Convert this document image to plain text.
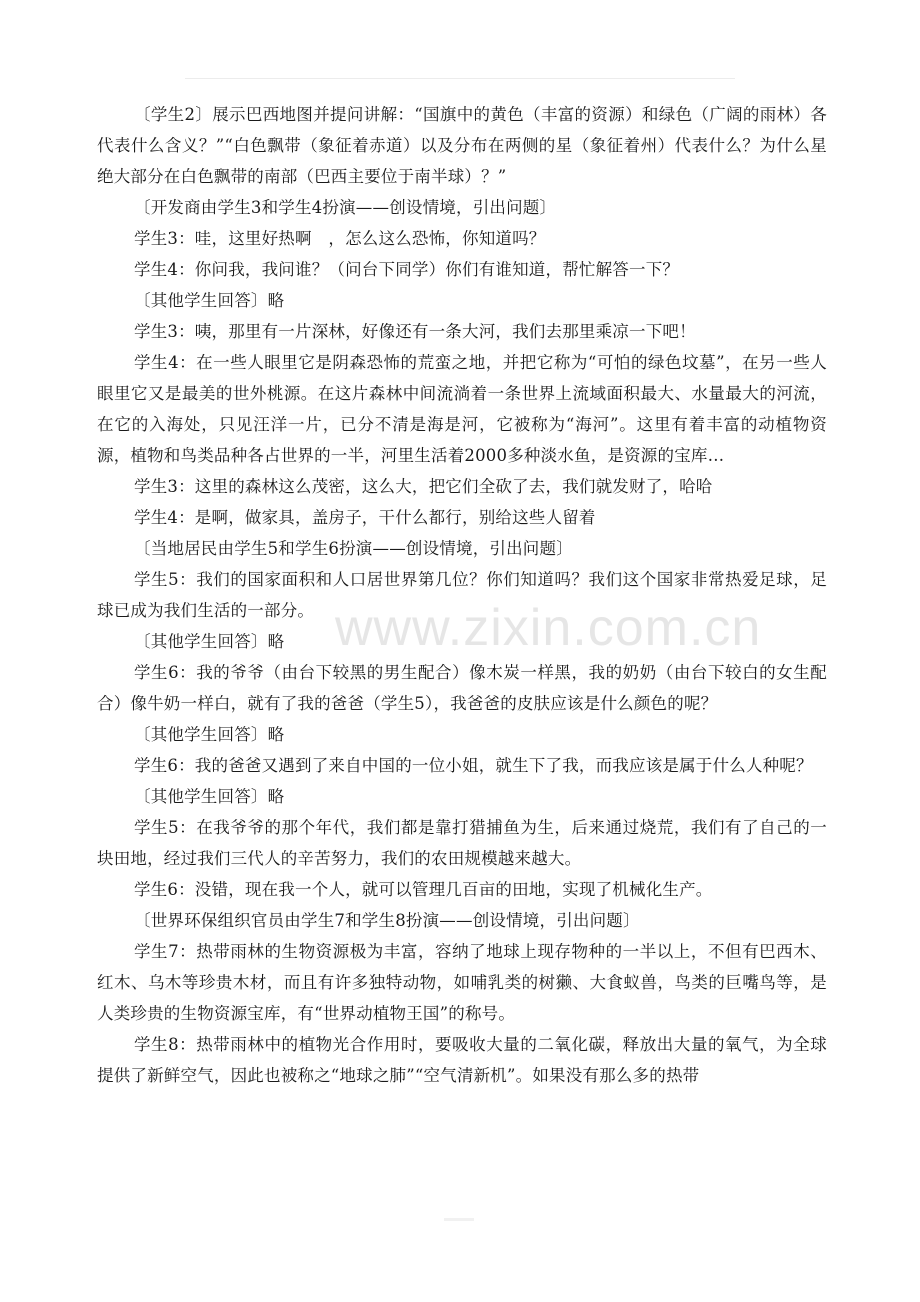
〔学生2〕展示巴西地图并提问讲解：“国旗中的黄色（丰富的资源）和绿色（广阔的雨林）各代表什么含义？”“白色飘带（象征着赤道）以及分布在两侧的星（象征着州）代表什么？为什么星绝大部分在白色飘带的南部（巴西主要位于南半球）？”

〔开发商由学生3和学生4扮演——创设情境，引出问题〕

学生3：哇，这里好热啊　，怎么这么恐怖，你知道吗？

学生4：你问我，我问谁？（问台下同学）你们有谁知道，帮忙解答一下？

〔其他学生回答〕略

学生3：咦，那里有一片深林，好像还有一条大河，我们去那里乘凉一下吧！

学生4：在一些人眼里它是阴森恐怖的荒蛮之地，并把它称为“可怕的绿色坟墓”，在另一些人眼里它又是最美的世外桃源。在这片森林中间流淌着一条世界上流域面积最大、水量最大的河流，在它的入海处，只见汪洋一片，已分不清是海是河，它被称为“海河”。这里有着丰富的动植物资源，植物和鸟类品种各占世界的一半，河里生活着2000多种淡水鱼，是资源的宝库…

学生3：这里的森林这么茂密，这么大，把它们全砍了去，我们就发财了，哈哈

学生4：是啊，做家具，盖房子，干什么都行，别给这些人留着

〔当地居民由学生5和学生6扮演——创设情境，引出问题〕

学生5：我们的国家面积和人口居世界第几位？你们知道吗？我们这个国家非常热爱足球，足球已成为我们生活的一部分。

〔其他学生回答〕略

学生6：我的爷爷（由台下较黑的男生配合）像木炭一样黑，我的奶奶（由台下较白的女生配合）像牛奶一样白，就有了我的爸爸（学生5），我爸爸的皮肤应该是什么颜色的呢？

〔其他学生回答〕略

学生6：我的爸爸又遇到了来自中国的一位小姐，就生下了我，而我应该是属于什么人种呢？

〔其他学生回答〕略

学生5：在我爷爷的那个年代，我们都是靠打猎捕鱼为生，后来通过烧荒，我们有了自己的一块田地，经过我们三代人的辛苦努力，我们的农田规模越来越大。

学生6：没错，现在我一个人，就可以管理几百亩的田地，实现了机械化生产。

〔世界环保组织官员由学生7和学生8扮演——创设情境，引出问题〕

学生7：热带雨林的生物资源极为丰富，容纳了地球上现存物种的一半以上，不但有巴西木、红木、乌木等珍贵木材，而且有许多独特动物，如哺乳类的树獭、大食蚁兽，鸟类的巨嘴鸟等，是人类珍贵的生物资源宝库，有“世界动植物王国”的称号。

学生8：热带雨林中的植物光合作用时，要吸收大量的二氧化碳，释放出大量的氧气，为全球提供了新鲜空气，因此也被称之“地球之肺”“空气清新机”。如果没有那么多的热带

www.zixin.com.cn
